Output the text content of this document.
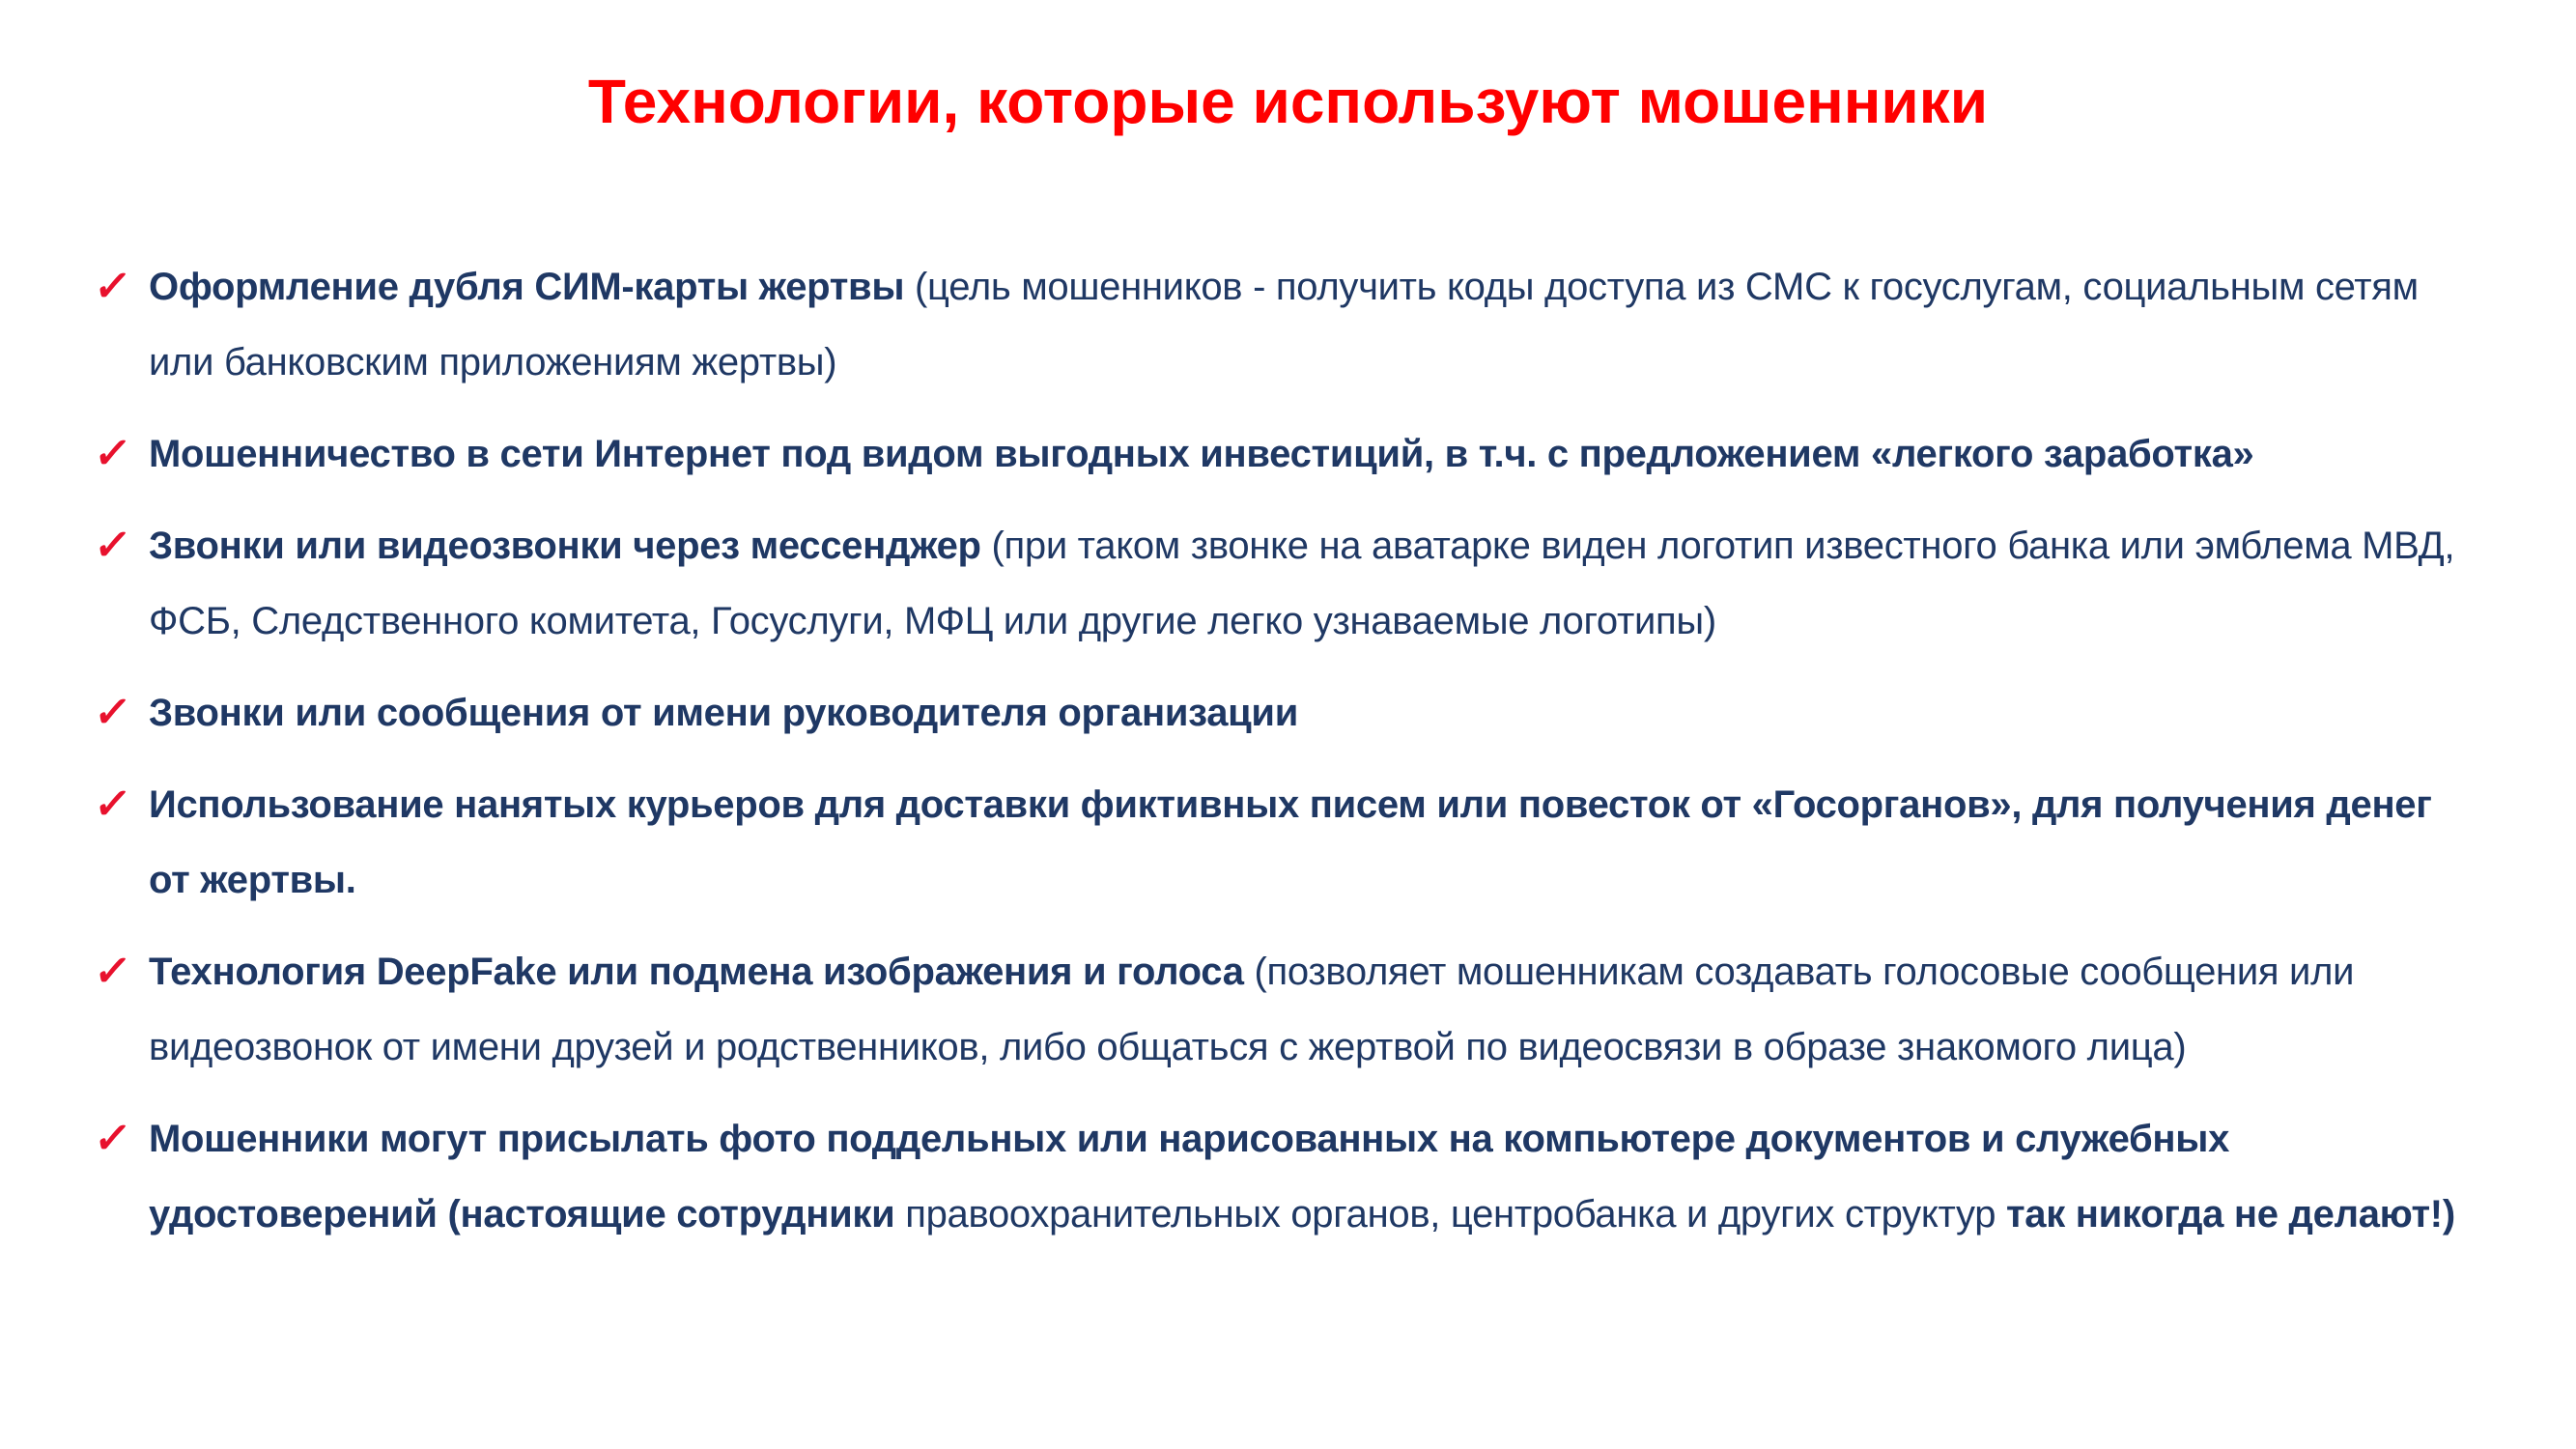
Технологии, которые используют мошенники
✓ Оформление дубля СИМ-карты жертвы (цель мошенников - получить коды доступа из СМС к госуслугам, социальным сетям или банковским приложениям жертвы)
✓ Мошенничество в сети Интернет под видом выгодных инвестиций, в т.ч. с предложением «легкого заработка»
✓ Звонки или видеозвонки через мессенджер (при таком звонке на аватарке виден логотип известного банка или эмблема МВД, ФСБ, Следственного комитета, Госуслуги, МФЦ или другие легко узнаваемые логотипы)
✓ Звонки или сообщения от имени руководителя организации
✓ Использование нанятых курьеров для доставки фиктивных писем или повесток от «Госорганов», для получения денег от жертвы.
✓ Технология DeepFake или подмена изображения и голоса (позволяет мошенникам создавать голосовые сообщения или видеозвонок от имени друзей и родственников, либо общаться с жертвой по видеосвязи в образе знакомого лица)
✓ Мошенники могут присылать фото поддельных или нарисованных на компьютере документов и служебных удостоверений (настоящие сотрудники правоохранительных органов, центробанка и других структур так никогда не делают!)
